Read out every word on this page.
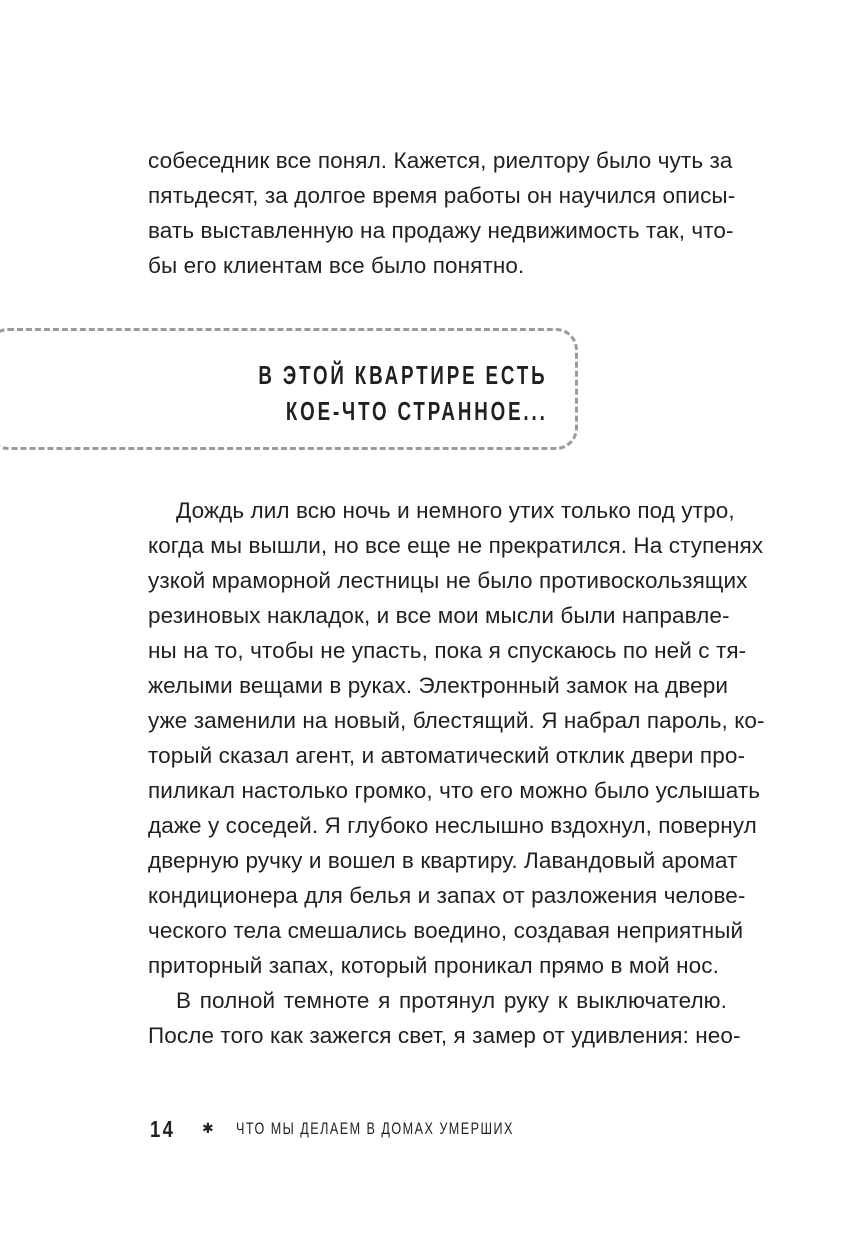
собеседник все понял. Кажется, риелтору было чуть за
пятьдесят, за долгое время работы он научился описы-
вать выставленную на продажу недвижимость так, что-
бы его клиентам все было понятно.
В ЭТОЙ КВАРТИРЕ ЕСТЬ
КОЕ-ЧТО СТРАННОЕ...
Дождь лил всю ночь и немного утих только под утро,
когда мы вышли, но все еще не прекратился. На ступенях
узкой мраморной лестницы не было противоскользящих
резиновых накладок, и все мои мысли были направле-
ны на то, чтобы не упасть, пока я спускаюсь по ней с тя-
желыми вещами в руках. Электронный замок на двери
уже заменили на новый, блестящий. Я набрал пароль, ко-
торый сказал агент, и автоматический отклик двери про-
пиликал настолько громко, что его можно было услышать
даже у соседей. Я глубоко неслышно вздохнул, повернул
дверную ручку и вошел в квартиру. Лавандовый аромат
кондиционера для белья и запах от разложения челове-
ческого тела смешались воедино, создавая неприятный
приторный запах, который проникал прямо в мой нос.
В полной темноте я протянул руку к выключателю.
После того как зажегся свет, я замер от удивления: нео-
14 ✱ ЧТО МЫ ДЕЛАЕМ В ДОМАХ УМЕРШИХ
